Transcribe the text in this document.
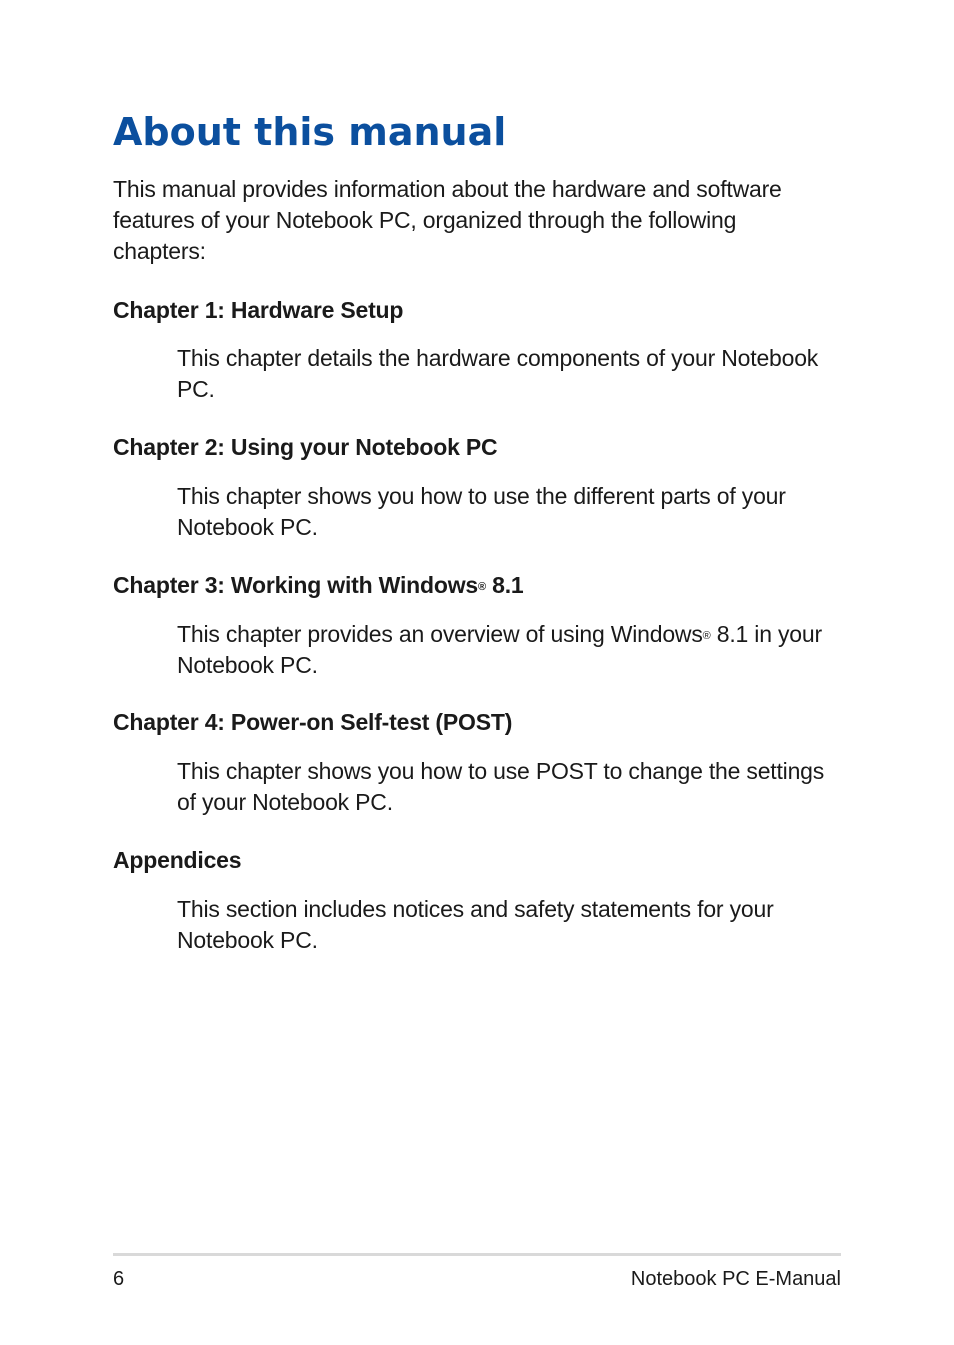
About this manual

This manual provides information about the hardware and software features of your Notebook PC, organized through the following chapters:

Chapter 1: Hardware Setup

This chapter details the hardware components of your Notebook PC.

Chapter 2: Using your Notebook PC

This chapter shows you how to use the different parts of your Notebook PC.

Chapter 3: Working with Windows® 8.1

This chapter provides an overview of using Windows® 8.1 in your Notebook PC.

Chapter 4: Power-on Self-test (POST)

This chapter shows you how to use POST to change the settings of your Notebook PC.

Appendices

This section includes notices and safety statements for your Notebook PC.

6	Notebook PC E-Manual
